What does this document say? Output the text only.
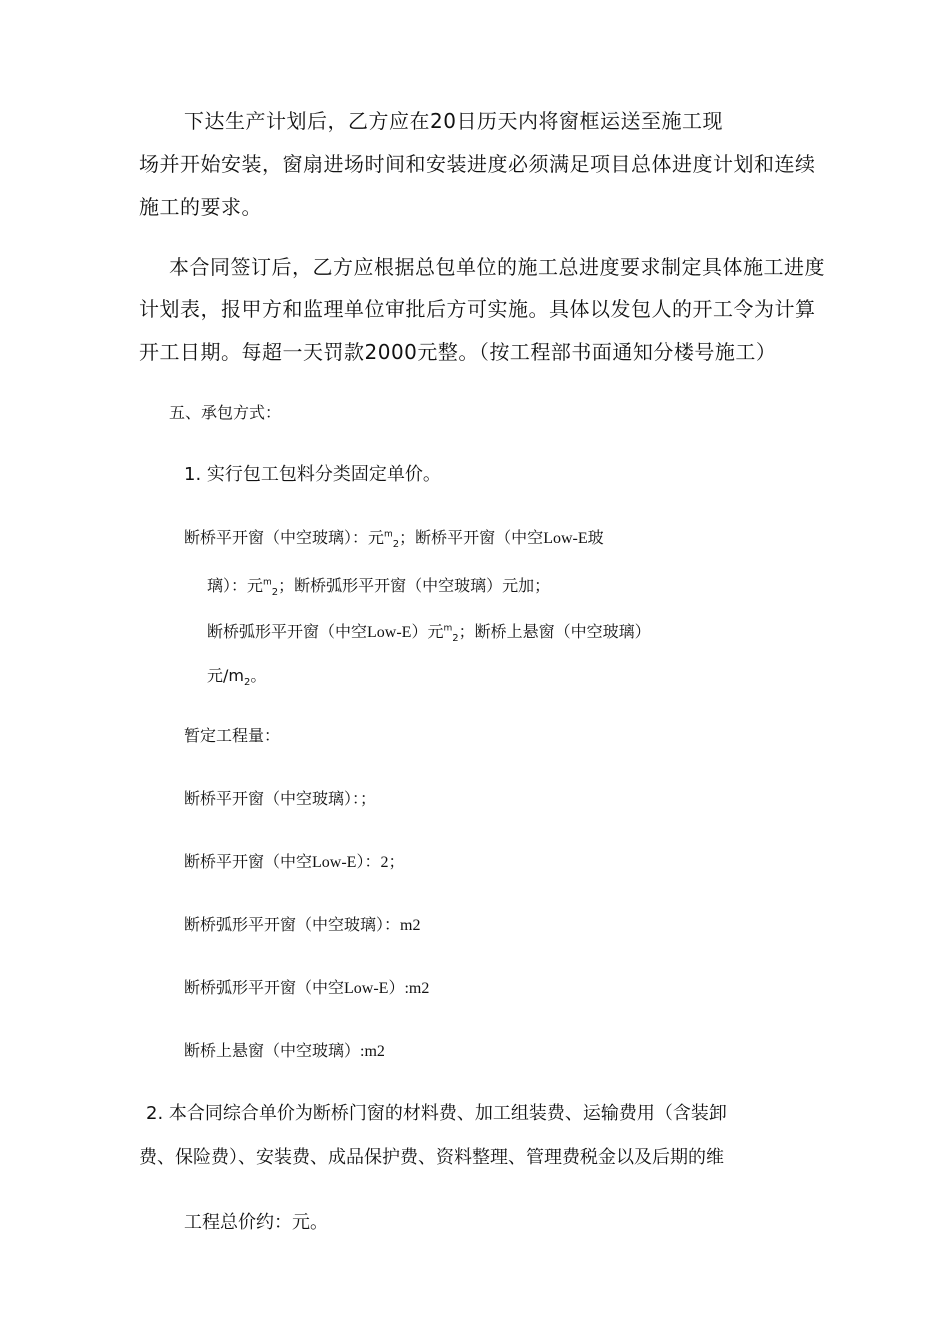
下达生产计划后，乙方应在20日历天内将窗框运送至施工现
场并开始安装，窗扇进场时间和安装进度必须满足项目总体进度计划和连续
施工的要求。
本合同签订后，乙方应根据总包单位的施工总进度要求制定具体施工进度
计划表，报甲方和监理单位审批后方可实施。具体以发包人的开工令为计算
开工日期。每超一天罚款2000元整。（按工程部书面通知分楼号施工）
五、承包方式：
1. 实行包工包料分类固定单价。
断桥平开窗（中空玻璃）：元$^m_2$；断桥平开窗（中空Low-E玻
璃）：元$^m_2$；断桥弧形平开窗（中空玻璃）元加；
断桥弧形平开窗（中空Low-E）元$^m_2$；断桥上悬窗（中空玻璃）
元$/m_2$。
暂定工程量：
断桥平开窗（中空玻璃）：；
断桥平开窗（中空Low-E）：2；
断桥弧形平开窗（中空玻璃）：m2
断桥弧形平开窗（中空Low-E）:m2
断桥上悬窗（中空玻璃）:m2
2. 本合同综合单价为断桥门窗的材料费、加工组装费、运输费用（含装卸
费、保险费）、安装费、成品保护费、资料整理、管理费税金以及后期的维
工程总价约：元。
